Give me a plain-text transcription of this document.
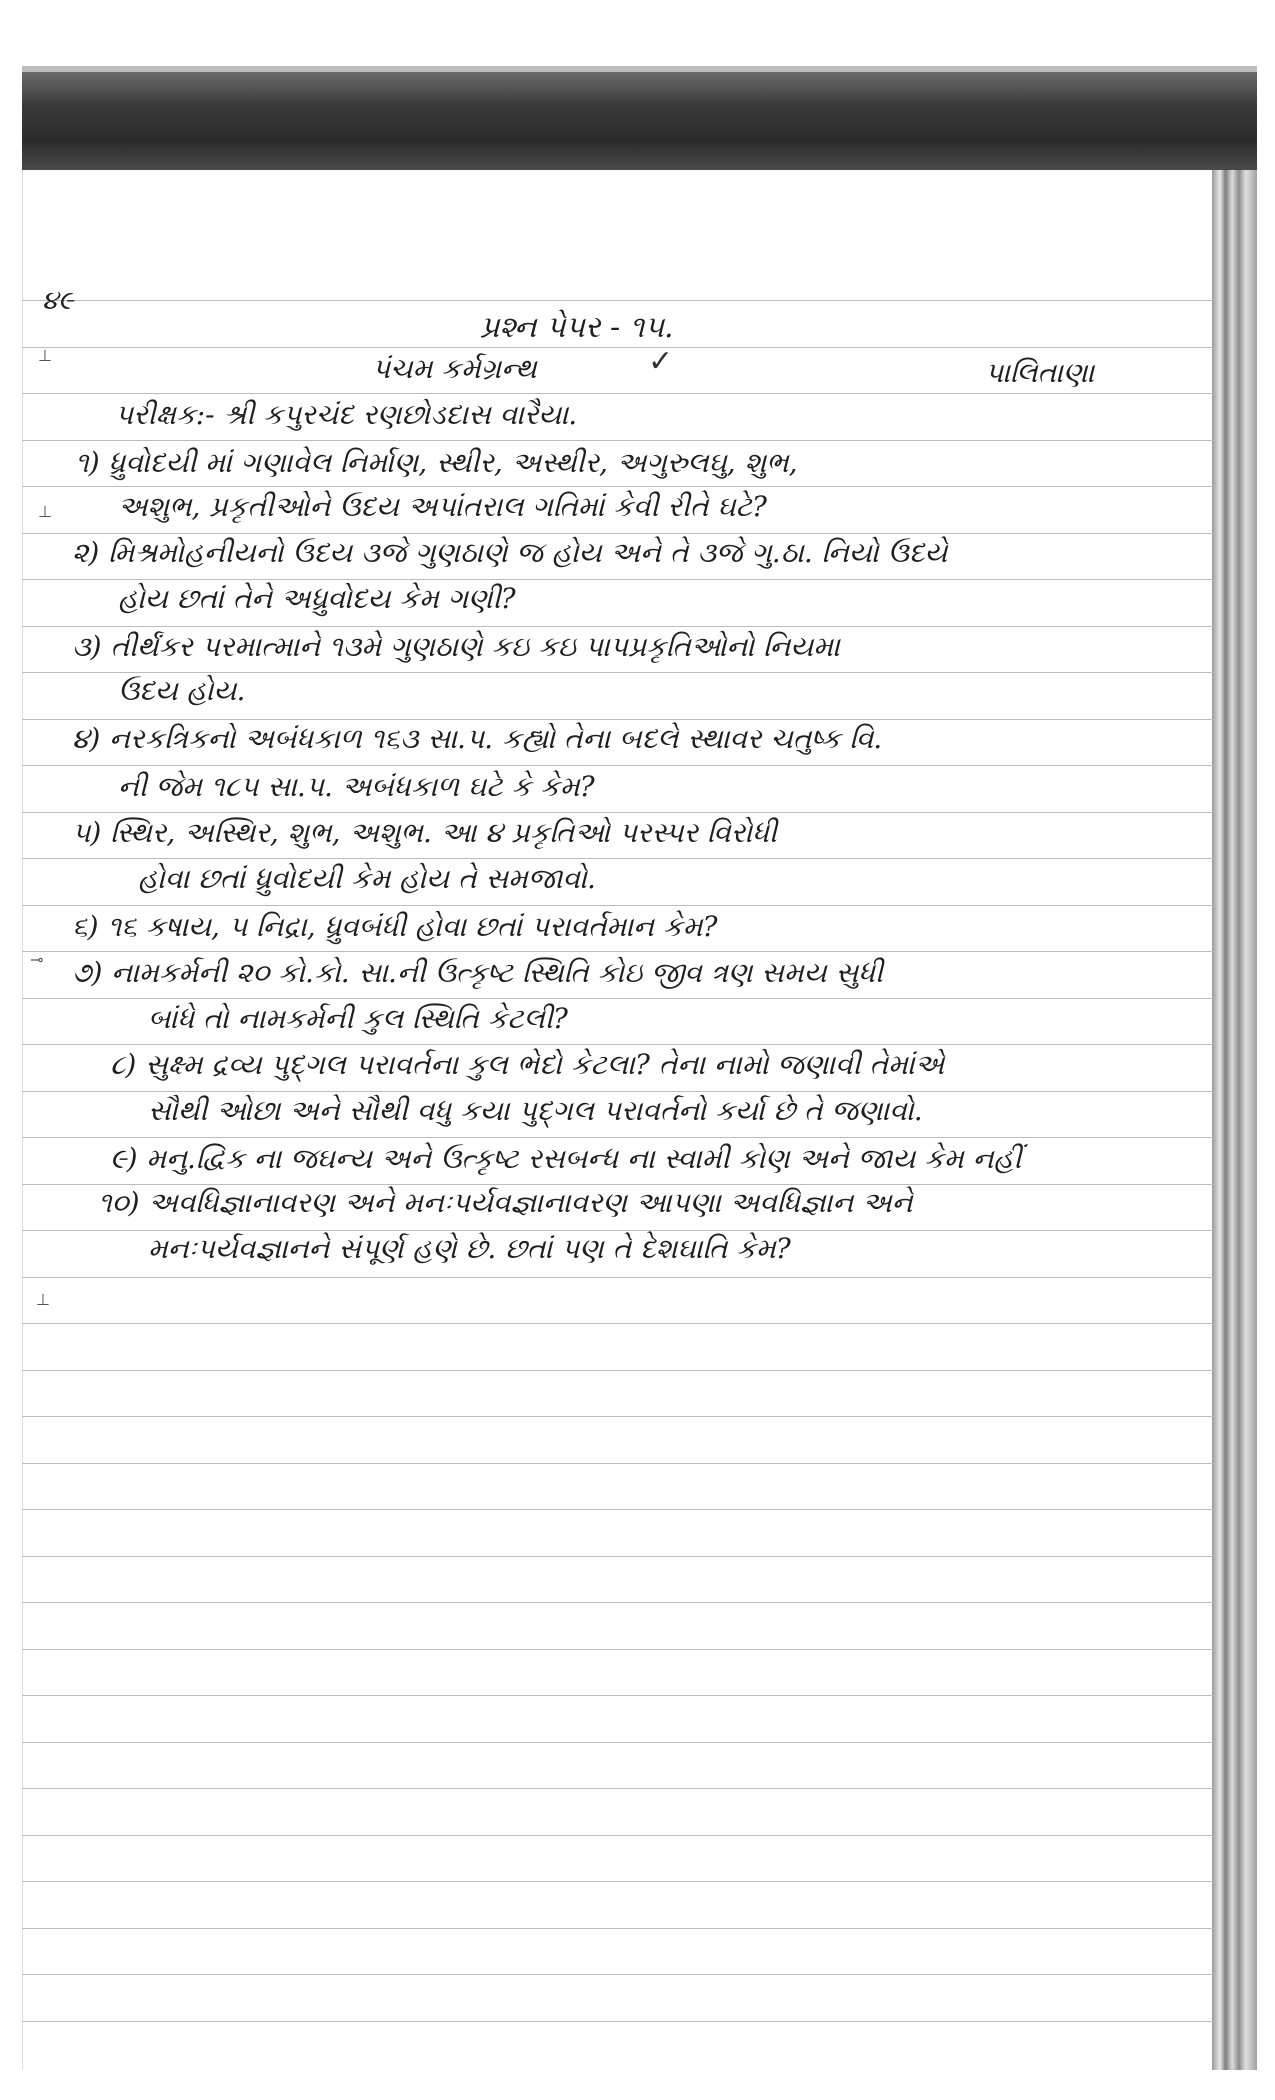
⊥
⊥
⊸
⊥
૪૯
પ્રશ્ન પેપર - ૧૫.
પંચમ કર્મગ્રન્થ	✓	પાલિતાણા
પરીક્ષક:- શ્રી કપુરચંદ રણછોડદાસ વારૈયા.
૧) ધ્રુવોદયી માં ગણાવેલ નિર્માણ, સ્થીર, અસ્થીર, અગુરુલઘુ, શુભ,
અશુભ, પ્રકૃતીઓને ઉદય અપાંતરાલ ગતિમાં કેવી રીતે ઘટે?
૨) મિશ્રમોહનીયનો ઉદય ૩જે ગુણઠાણે જ હોય અને તે ૩જે ગુ.ઠા. નિયો ઉદયે
હોય છતાં તેને અધ્રુવોદય કેમ ગણી?
૩) તીર્થંકર પરમાત્માને ૧૩મે ગુણઠાણે કઇ કઇ પાપપ્રકૃતિઓનો નિયમા
ઉદય હોય.
૪) નરકત્રિકનો અબંધકાળ ૧૬૩ સા.પ. કહ્યો તેના બદલે સ્થાવર ચતુષ્ક વિ.
ની જેમ ૧૮૫ સા.પ. અબંધકાળ ઘટે કે કેમ?
૫) સ્થિર, અસ્થિર, શુભ, અશુભ. આ ૪ પ્રકૃતિઓ પરસ્પર વિરોધી
હોવા છતાં ધ્રુવોદયી કેમ હોય તે સમજાવો.
૬) ૧૬ કષાય, ૫ નિદ્રા, ધ્રુવબંધી હોવા છતાં પરાવર્તમાન કેમ?
૭) નામકર્મની ૨૦ કો.કો. સા.ની ઉત્કૃષ્ટ સ્થિતિ કોઇ જીવ ત્રણ સમય સુધી
બાંધે તો નામકર્મની કુલ સ્થિતિ કેટલી?
૮) સુક્ષ્મ દ્રવ્ય પુદ્ગલ પરાવર્તના કુલ ભેદો કેટલા? તેના નામો જણાવી તેમાંએ
સૌથી ઓછા અને સૌથી વધુ કયા પુદ્ગલ પરાવર્તનો કર્યા છે તે જણાવો.
૯) મનુ.દ્વિક ના જઘન્ય અને ઉત્કૃષ્ટ રસબન્ધ ના સ્વામી કોણ અને જાય કેમ નહીં
૧૦) અવધિજ્ઞાનાવરણ અને મનઃપર્યવજ્ઞાનાવરણ આપણા અવધિજ્ઞાન અને
મનઃપર્યવજ્ઞાનને સંપૂર્ણ હણે છે. છતાં પણ તે દેશઘાતિ કેમ?
